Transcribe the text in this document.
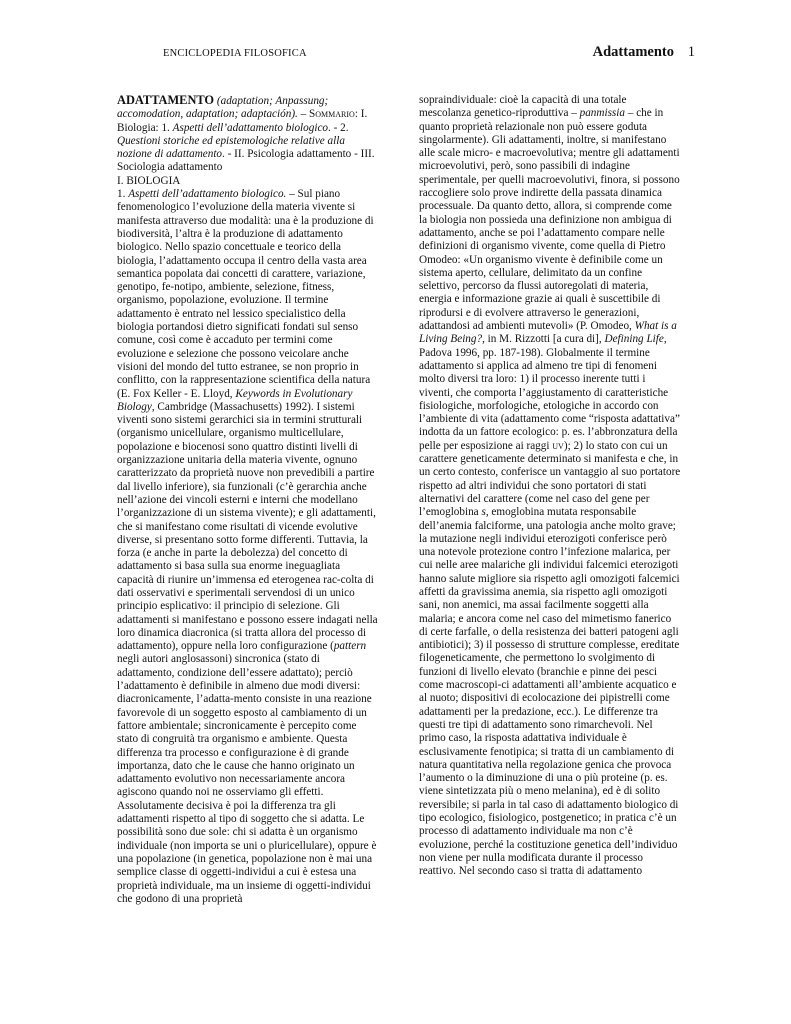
ENCICLOPEDIA FILOSOFICA	Adattamento 1

ADATTAMENTO (adaptation; Anpassung; accomodation, adaptation; adaptación). – Sommario: I. Biologia: 1. Aspetti dell’adattamento biologico. - 2. Questioni storiche ed epistemologiche relative alla nozione di adattamento. - II. Psicologia adattamento - III. Sociologia adattamento

I. BIOLOGIA

1. Aspetti dell’adattamento biologico. – Sul piano fenomenologico l’evoluzione della materia vivente si manifesta attraverso due modalità: una è la produzione di biodiversità, l’altra è la produzione di adattamento biologico. Nello spazio concettuale e teorico della biologia, l’adattamento occupa il centro della vasta area semantica popolata dai concetti di carattere, variazione, genotipo, fe-notipo, ambiente, selezione, fitness, organismo, popolazione, evoluzione. Il termine adattamento è entrato nel lessico specialistico della biologia portandosi dietro significati fondati sul senso comune, così come è accaduto per termini come evoluzione e selezione che possono veicolare anche visioni del mondo del tutto estranee, se non proprio in conflitto, con la rappresentazione scientifica della natura (E. Fox Keller - E. Lloyd, Keywords in Evolutionary Biology, Cambridge (Massachusetts) 1992). I sistemi viventi sono sistemi gerarchici sia in termini strutturali (organismo unicellulare, organismo multicellulare, popolazione e biocenosi sono quattro distinti livelli di organizzazione unitaria della materia vivente, ognuno caratterizzato da proprietà nuove non prevedibili a partire dal livello inferiore), sia funzionali (c’è gerarchia anche nell’azione dei vincoli esterni e interni che modellano l’organizzazione di un sistema vivente); e gli adattamenti, che si manifestano come risultati di vicende evolutive diverse, si presentano sotto forme differenti. Tuttavia, la forza (e anche in parte la debolezza) del concetto di adattamento si basa sulla sua enorme ineguagliata capacità di riunire un’immensa ed eterogenea rac-colta di dati osservativi e sperimentali servendosi di un unico principio esplicativo: il principio di selezione. Gli adattamenti si manifestano e possono essere indagati nella loro dinamica diacronica (si tratta allora del processo di adattamento), oppure nella loro configurazione (pattern negli autori anglosassoni) sincronica (stato di adattamento, condizione dell’essere adattato); perciò l’adattamento è definibile in almeno due modi diversi: diacronicamente, l’adatta-mento consiste in una reazione favorevole di un soggetto esposto al cambiamento di un fattore ambientale; sincronicamente è percepito come stato di congruità tra organismo e ambiente. Questa differenza tra processo e configurazione è di grande importanza, dato che le cause che hanno originato un adattamento evolutivo non necessariamente ancora agiscono quando noi ne osserviamo gli effetti. Assolutamente decisiva è poi la differenza tra gli adattamenti rispetto al tipo di soggetto che si adatta. Le possibilità sono due sole: chi si adatta è un organismo individuale (non importa se uni o pluricellulare), oppure è una popolazione (in genetica, popolazione non è mai una semplice classe di oggetti-individui a cui è estesa una proprietà individuale, ma un insieme di oggetti-individui che godono di una proprietà

sopraindividuale: cioè la capacità di una totale mescolanza genetico-riproduttiva – panmissia – che in quanto proprietà relazionale non può essere goduta singolarmente). Gli adattamenti, inoltre, si manifestano alle scale micro- e macroevolutiva; mentre gli adattamenti microevolutivi, però, sono passibili di indagine sperimentale, per quelli macroevolutivi, finora, si possono raccogliere solo prove indirette della passata dinamica processuale. Da quanto detto, allora, si comprende come la biologia non possieda una definizione non ambigua di adattamento, anche se poi l’adattamento compare nelle definizioni di organismo vivente, come quella di Pietro Omodeo: «Un organismo vivente è definibile come un sistema aperto, cellulare, delimitato da un confine selettivo, percorso da flussi autoregolati di materia, energia e informazione grazie ai quali è suscettibile di riprodursi e di evolvere attraverso le generazioni, adattandosi ad ambienti mutevoli» (P. Omodeo, What is a Living Being?, in M. Rizzotti [a cura di], Defining Life, Padova 1996, pp. 187-198). Globalmente il termine adattamento si applica ad almeno tre tipi di fenomeni molto diversi tra loro: 1) il processo inerente tutti i viventi, che comporta l’aggiustamento di caratteristiche fisiologiche, morfologiche, etologiche in accordo con l’ambiente di vita (adattamento come “risposta adattativa” indotta da un fattore ecologico: p. es. l’abbronzatura della pelle per esposizione ai raggi uv); 2) lo stato con cui un carattere geneticamente determinato si manifesta e che, in un certo contesto, conferisce un vantaggio al suo portatore rispetto ad altri individui che sono portatori di stati alternativi del carattere (come nel caso del gene per l’emoglobina s, emoglobina mutata responsabile dell’anemia falciforme, una patologia anche molto grave; la mutazione negli individui eterozigoti conferisce però una notevole protezione contro l’infezione malarica, per cui nelle aree malariche gli individui falcemici eterozigoti hanno salute migliore sia rispetto agli omozigoti falcemici affetti da gravissima anemia, sia rispetto agli omozigoti sani, non anemici, ma assai facilmente soggetti alla malaria; e ancora come nel caso del mimetismo fanerico di certe farfalle, o della resistenza dei batteri patogeni agli antibiotici); 3) il possesso di strutture complesse, ereditate filogeneticamente, che permettono lo svolgimento di funzioni di livello elevato (branchie e pinne dei pesci come macroscopi-ci adattamenti all’ambiente acquatico e al nuoto; dispositivi di ecolocazione dei pipistrelli come adattamenti per la predazione, ecc.). Le differenze tra questi tre tipi di adattamento sono rimarchevoli. Nel primo caso, la risposta adattativa individuale è esclusivamente fenotipica; si tratta di un cambiamento di natura quantitativa nella regolazione genica che provoca l’aumento o la diminuzione di una o più proteine (p. es. viene sintetizzata più o meno melanina), ed è di solito reversibile; si parla in tal caso di adattamento biologico di tipo ecologico, fisiologico, postgenetico; in pratica c’è un processo di adattamento individuale ma non c’è evoluzione, perché la costituzione genetica dell’individuo non viene per nulla modificata durante il processo reattivo. Nel secondo caso si tratta di adattamento
